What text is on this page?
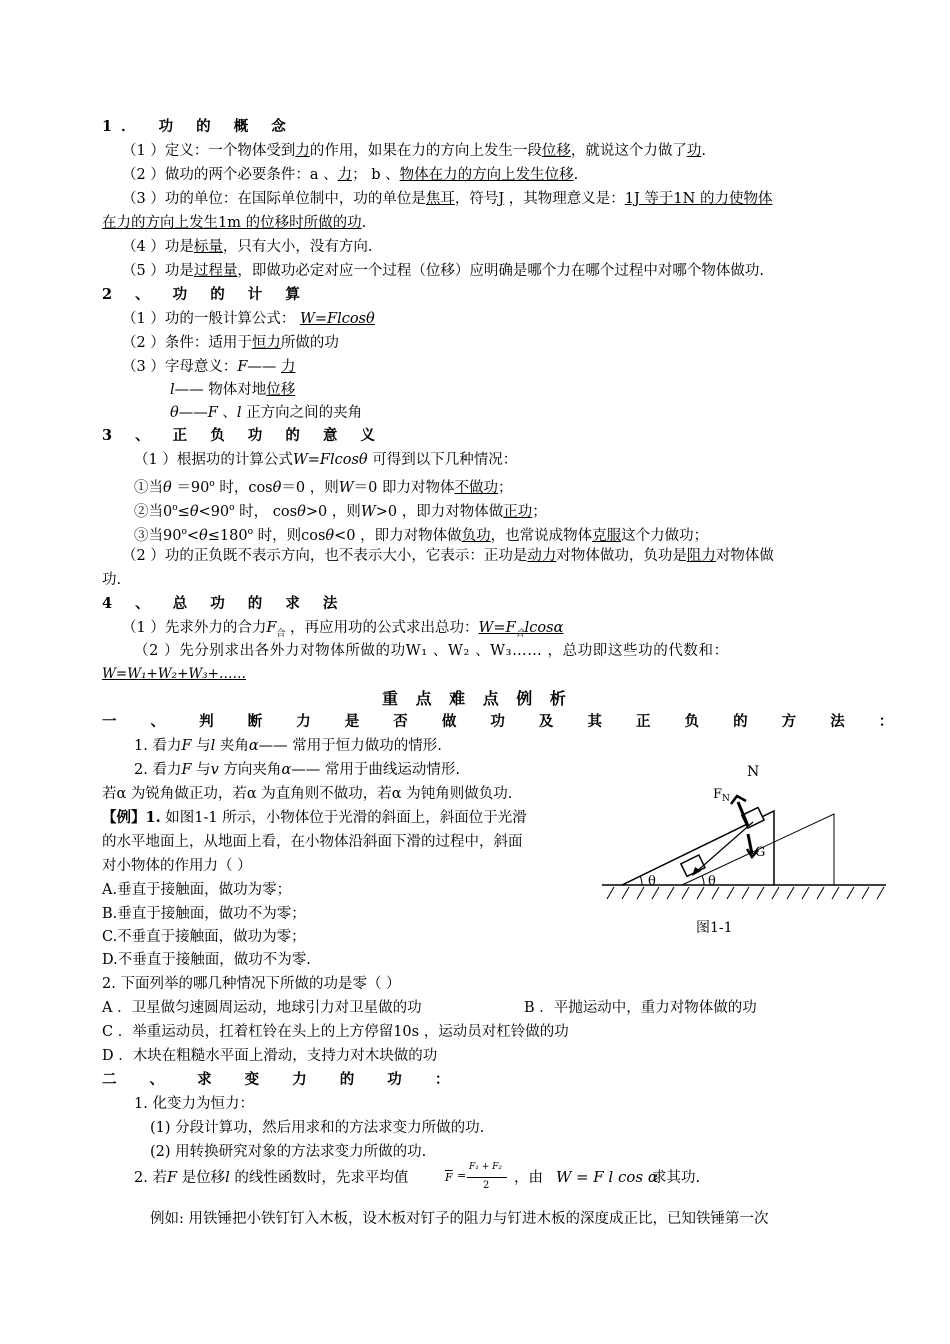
1． 功 的 概 念
（1 ）定义：一个物体受到力的作用，如果在力的方向上发生一段位移，就说这个力做了功.
（2 ）做功的两个必要条件：a 、力； b 、物体在力的方向上发生位移.
（3 ）功的单位：在国际单位制中，功的单位是焦耳，符号J ，其物理意义是：1J 等于1N 的力使物体
在力的方向上发生1m 的位移时所做的功.
（4 ）功是标量，只有大小，没有方向.
（5 ）功是过程量，即做功必定对应一个过程（位移）应明确是哪个力在哪个过程中对哪个物体做功.
2 、 功 的 计 算
（1 ）功的一般计算公式： W=Flcosθ
（2 ）条件：适用于恒力所做的功
（3 ）字母意义：F—— 力
l—— 物体对地位移
θ——F 、l 正方向之间的夹角
3 、 正 负 功 的 意 义
（1 ）根据功的计算公式W=Flcosθ 可得到以下几种情况：
①当$\theta =90^o$ 时，cosθ＝0 ，则W＝0 即力对物体不做功；
②当$0^o\le\theta<90^o$ 时， cosθ>0 ，则W>0 ，即力对物体做正功；
③当$90^o<\theta\le 180^o$ 时，则cosθ<0 ，即力对物体做负功，也常说成物体克服这个力做功；
（2 ）功的正负既不表示方向，也不表示大小，它表示：正功是动力对物体做功，负功是阻力对物体做
功.
4 、 总 功 的 求 法
（1 ）先求外力的合力$F_合$ ，再应用功的公式求出总功：$W=F_合lcos\alpha$
（2 ）先分别求出各外力对物体所做的功W₁ 、W₂ 、W₃…… ，总功即这些功的代数和：
W=W₁+W₂+W₃+……
重 点 难 点 例 析
一 、 判 断 力 是 否 做 功 及 其 正 负 的 方 法 ：
1. 看力F 与l 夹角α—— 常用于恒力做功的情形.
2. 看力F 与v 方向夹角α—— 常用于曲线运动情形.
若α 为锐角做正功，若α 为直角则不做功，若α 为钝角则做负功.
【例】1. 如图1-1 所示，小物体位于光滑的斜面上，斜面位于光滑
的水平地面上，从地面上看，在小物体沿斜面下滑的过程中，斜面
对小物体的作用力（ ）
A.垂直于接触面，做功为零；
B.垂直于接触面，做功不为零；
C.不垂直于接触面，做功为零；
D.不垂直于接触面，做功不为零.
2. 下面列举的哪几种情况下所做的功是零（ ）
A ．卫星做匀速圆周运动，地球引力对卫星做的功	B ．平抛运动中，重力对物体做的功
C ．举重运动员，扛着杠铃在头上的上方停留10s ，运动员对杠铃做的功
D ．木块在粗糙水平面上滑动，支持力对木块做的功
二 、 求 变 力 的 功 ：
1. 化变力为恒力：
(1) 分段计算功，然后用求和的方法求变力所做的功.
(2) 用转换研究对象的方法求变力所做的功.
2. 若F 是位移l 的线性函数时，先求平均值	$\overline{F}$ =
F₁ + F₂
2 ，由 W = F l cos α
求其功.
例如: 用铁锤把小铁钉钉入木板，设木板对钉子的阻力与钉进木板的深度成正比，已知铁锤第一次
N
$F_N$
G
θ	θ
图1-1
